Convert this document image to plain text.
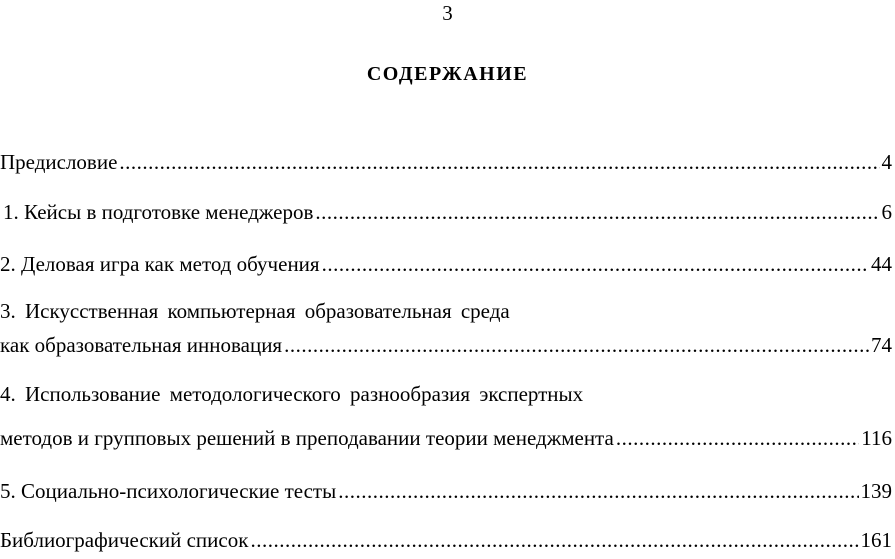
3
СОДЕРЖАНИЕ
Предисловие .....	4
1. Кейсы в подготовке менеджеров .....	6
2. Деловая игра как метод обучения .....	44
3. Искусственная компьютерная образовательная среда
как образовательная инновация .....	74
4. Использование методологического разнообразия экспертных
методов и групповых решений в преподавании теории менеджмента .....	116
5. Социально-психологические тесты .....	139
Библиографический список .....	161
